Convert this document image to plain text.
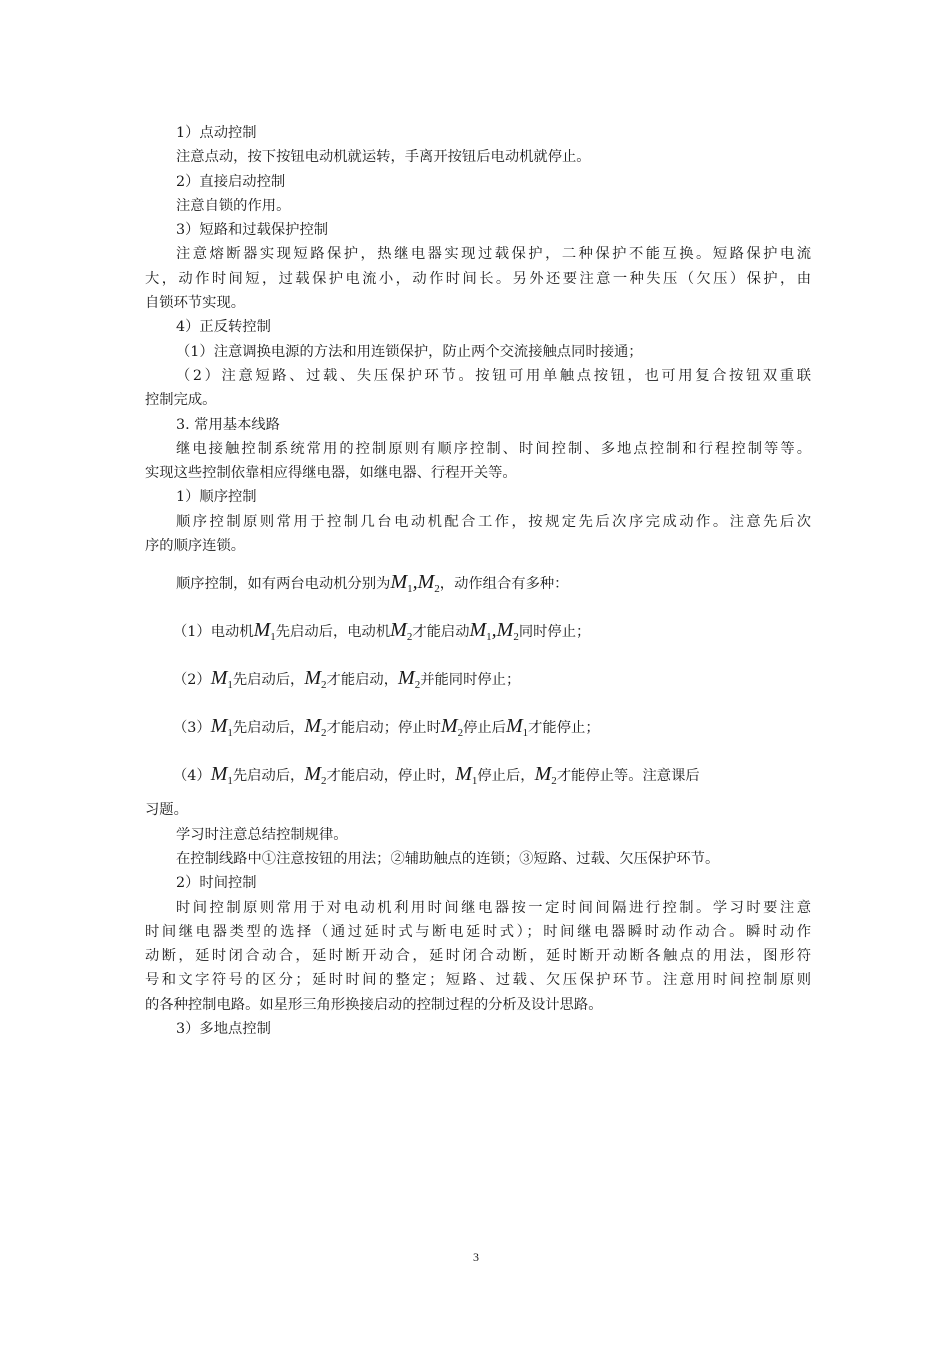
1）点动控制
注意点动，按下按钮电动机就运转，手离开按钮后电动机就停止。
2）直接启动控制
注意自锁的作用。
3）短路和过载保护控制
注意熔断器实现短路保护，热继电器实现过载保护，二种保护不能互换。短路保护电流
大，动作时间短，过载保护电流小，动作时间长。另外还要注意一种失压（欠压）保护，由
自锁环节实现。
4）正反转控制
（1）注意调换电源的方法和用连锁保护，防止两个交流接触点同时接通；
（2）注意短路、过载、失压保护环节。按钮可用单触点按钮，也可用复合按钮双重联
控制完成。
3. 常用基本线路
继电接触控制系统常用的控制原则有顺序控制、时间控制、多地点控制和行程控制等等。
实现这些控制依靠相应得继电器，如继电器、行程开关等。
1）顺序控制
顺序控制原则常用于控制几台电动机配合工作，按规定先后次序完成动作。注意先后次
序的顺序连锁。
顺序控制，如有两台电动机分别为$M_1,M_2$，动作组合有多种：
（1）电动机$M_1$先启动后，电动机$M_2$才能启动$M_1,M_2$同时停止；
$(2)M_1$先启动后，$M_2$才能启动，$M_2$并能同时停止；
$(3)M_1$先启动后，$M_2$才能启动；停止时$M_2$停止后$M_1$才能停止；
$(4)M_1$先启动后，$M_2$才能启动，停止时，$M_1$停止后，$M_2$才能停止等。注意课后
习题。
学习时注意总结控制规律。
在控制线路中①注意按钮的用法；②辅助触点的连锁；③短路、过载、欠压保护环节。
2）时间控制
时间控制原则常用于对电动机利用时间继电器按一定时间间隔进行控制。学习时要注意
时间继电器类型的选择（通过延时式与断电延时式）；时间继电器瞬时动作动合。瞬时动作
动断，延时闭合动合，延时断开动合，延时闭合动断，延时断开动断各触点的用法，图形符
号和文字符号的区分；延时时间的整定；短路、过载、欠压保护环节。注意用时间控制原则
的各种控制电路。如星形三角形换接启动的控制过程的分析及设计思路。
3）多地点控制
3
